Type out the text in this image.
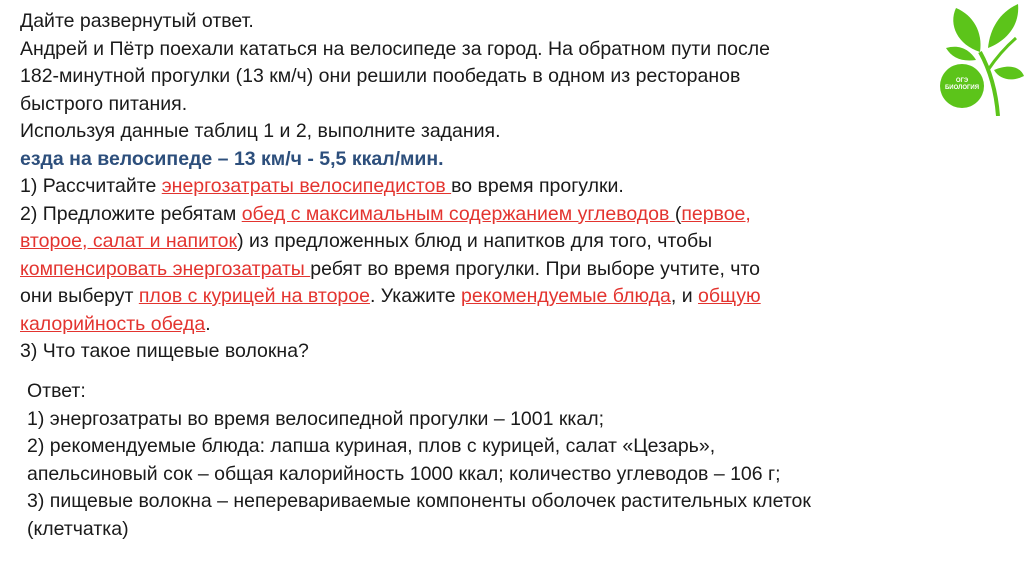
Дайте развернутый ответ.
Андрей и Пётр поехали кататься на велосипеде за город. На обратном пути после
182-минутной прогулки (13 км/ч) они решили пообедать в одном из ресторанов
быстрого питания.
Используя данные таблиц 1 и 2, выполните задания.
езда на велосипеде – 13 км/ч - 5,5 ккал/мин.
1) Рассчитайте энергозатраты велосипедистов во время прогулки.
2) Предложите ребятам обед с максимальным содержанием углеводов (первое,
второе, салат и напиток) из предложенных блюд и напитков для того, чтобы
компенсировать энергозатраты ребят во время прогулки. При выборе учтите, что
они выберут плов с курицей на второе. Укажите рекомендуемые блюда, и общую
калорийность обеда.
3) Что такое пищевые волокна?
Ответ:
1) энергозатраты во время велосипедной прогулки – 1001 ккал;
2) рекомендуемые блюда: лапша куриная, плов с курицей, салат «Цезарь»,
апельсиновый сок – общая калорийность 1000 ккал; количество углеводов – 106 г;
3) пищевые волокна – неперевариваемые компоненты оболочек растительных клеток
(клетчатка)
ОГЭ
БИОЛОГИЯ
